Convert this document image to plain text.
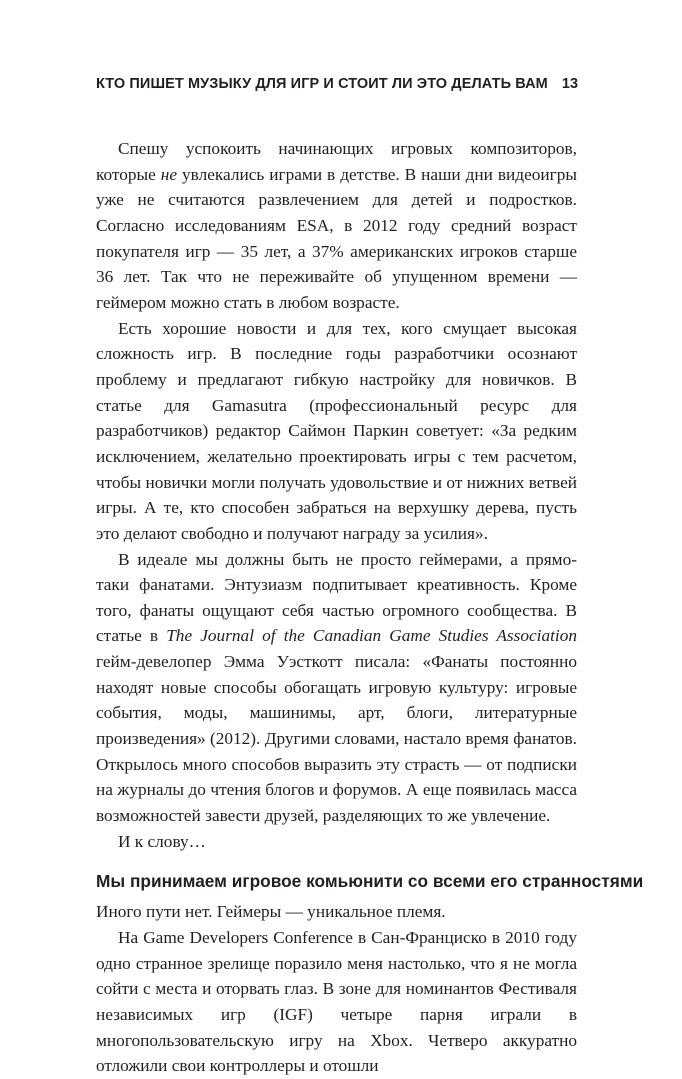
КТО ПИШЕТ МУЗЫКУ ДЛЯ ИГР И СТОИТ ЛИ ЭТО ДЕЛАТЬ ВАМ 13

Спешу успокоить начинающих игровых композиторов, которые не увлекались играми в детстве. В наши дни видеоигры уже не считаются развлечением для детей и подростков. Согласно исследованиям ESA, в 2012 году средний возраст покупателя игр — 35 лет, а 37% американских игроков старше 36 лет. Так что не переживайте об упущенном времени — геймером можно стать в любом возрасте.

Есть хорошие новости и для тех, кого смущает высокая сложность игр. В последние годы разработчики осознают проблему и предлагают гибкую настройку для новичков. В статье для Gamasutra (профессиональный ресурс для разработчиков) редактор Саймон Паркин советует: «За редким исключением, желательно проектировать игры с тем расчетом, чтобы новички могли получать удовольствие и от нижних ветвей игры. А те, кто способен забраться на верхушку дерева, пусть это делают свободно и получают награду за усилия».

В идеале мы должны быть не просто геймерами, а прямо-таки фанатами. Энтузиазм подпитывает креативность. Кроме того, фанаты ощущают себя частью огромного сообщества. В статье в The Journal of the Canadian Game Studies Association гейм-девелопер Эмма Уэсткотт писала: «Фанаты постоянно находят новые способы обогащать игровую культуру: игровые события, моды, машинимы, арт, блоги, литературные произведения» (2012). Другими словами, настало время фанатов. Открылось много способов выразить эту страсть — от подписки на журналы до чтения блогов и форумов. А еще появилась масса возможностей завести друзей, разделяющих то же увлечение.

И к слову…

Мы принимаем игровое комьюнити со всеми его странностями

Иного пути нет. Геймеры — уникальное племя.

На Game Developers Conference в Сан-Франциско в 2010 году одно странное зрелище поразило меня настолько, что я не могла сойти с места и оторвать глаз. В зоне для номинантов Фестиваля независимых игр (IGF) четыре парня играли в многопользовательскую игру на Xbox. Четверо аккуратно отложили свои контроллеры и отошли
